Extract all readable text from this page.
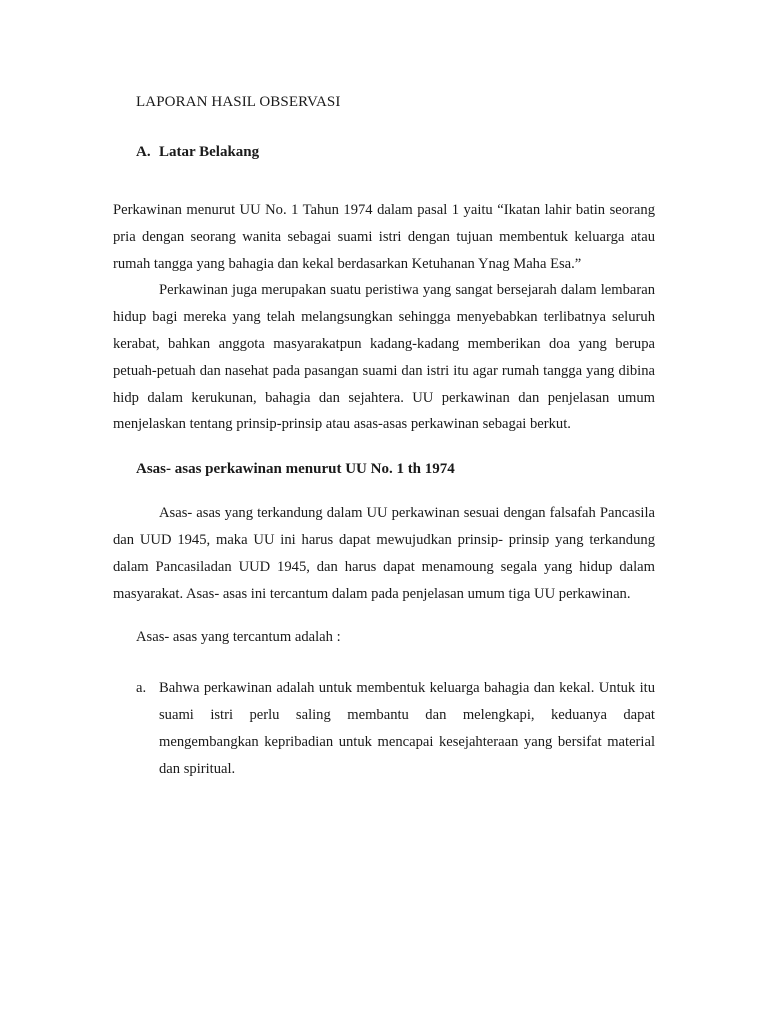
LAPORAN HASIL OBSERVASI
A. Latar Belakang

Perkawinan menurut UU No. 1 Tahun 1974 dalam pasal 1 yaitu “Ikatan lahir batin seorang pria dengan seorang wanita sebagai suami istri dengan tujuan membentuk keluarga atau rumah tangga yang bahagia dan kekal berdasarkan Ketuhanan Ynag Maha Esa.”

Perkawinan juga merupakan suatu peristiwa yang sangat bersejarah dalam lembaran hidup bagi mereka yang telah melangsungkan sehingga menyebabkan terlibatnya seluruh kerabat, bahkan anggota masyarakatpun kadang-kadang memberikan doa yang berupa petuah-petuah dan nasehat pada pasangan suami dan istri itu agar rumah tangga yang dibina hidp dalam kerukunan, bahagia dan sejahtera. UU perkawinan dan penjelasan umum menjelaskan tentang prinsip-prinsip atau asas-asas perkawinan sebagai berkut.

Asas- asas perkawinan menurut UU No. 1 th 1974

Asas- asas yang terkandung dalam UU perkawinan sesuai dengan falsafah Pancasila dan UUD 1945, maka UU ini harus dapat mewujudkan prinsip- prinsip yang terkandung dalam Pancasiladan UUD 1945, dan harus dapat menamoung segala yang hidup dalam masyarakat. Asas- asas ini tercantum dalam pada penjelasan umum tiga UU perkawinan.

Asas- asas yang tercantum adalah :
a. Bahwa perkawinan adalah untuk membentuk keluarga bahagia dan kekal. Untuk itu suami istri perlu saling membantu dan melengkapi, keduanya dapat mengembangkan kepribadian untuk mencapai kesejahteraan yang bersifat material dan spiritual.
